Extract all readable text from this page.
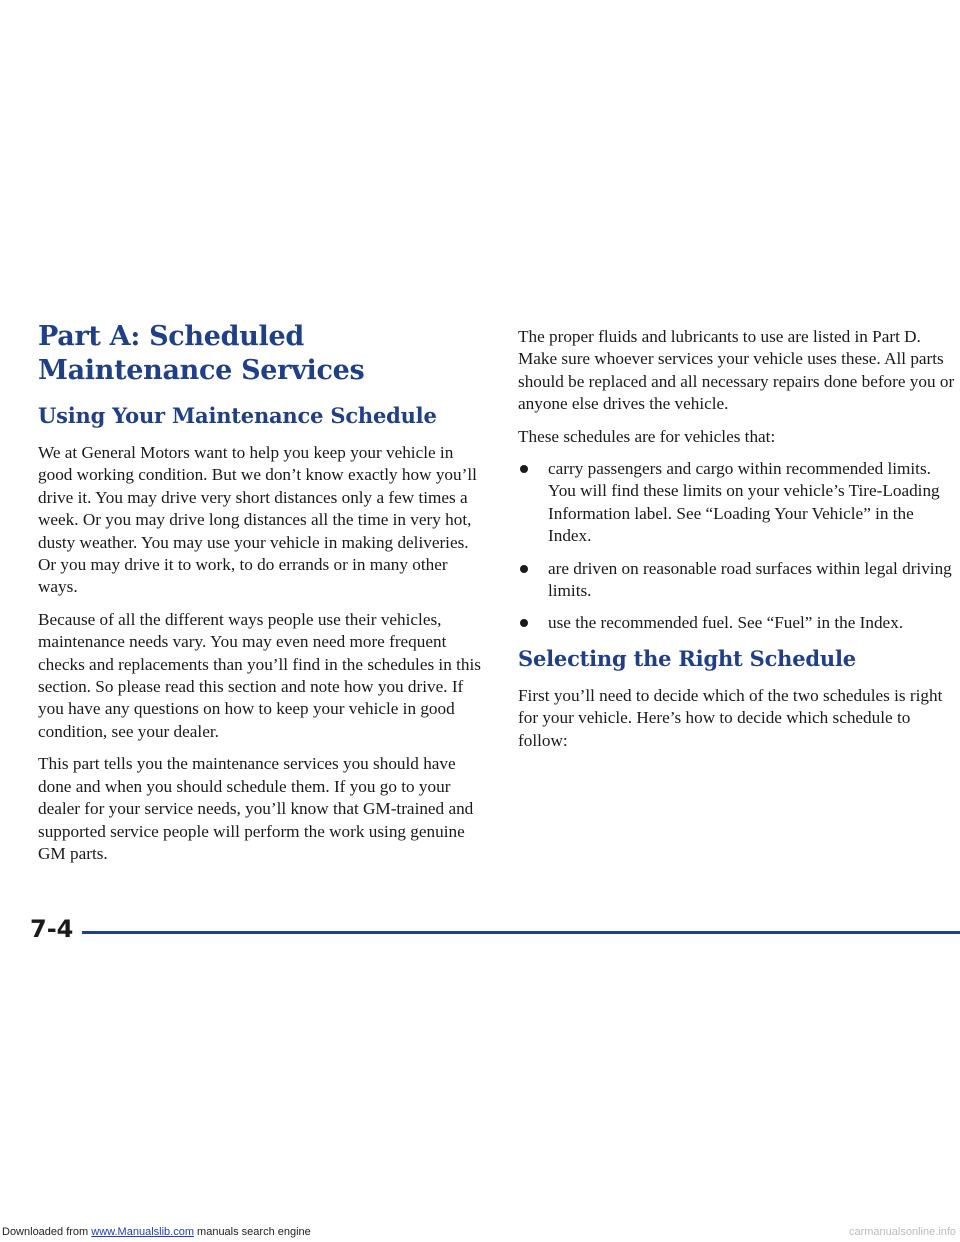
Part A: Scheduled Maintenance Services
Using Your Maintenance Schedule

We at General Motors want to help you keep your vehicle in good working condition. But we don’t know exactly how you’ll drive it. You may drive very short distances only a few times a week. Or you may drive long distances all the time in very hot, dusty weather. You may use your vehicle in making deliveries. Or you may drive it to work, to do errands or in many other ways.

Because of all the different ways people use their vehicles, maintenance needs vary. You may even need more frequent checks and replacements than you’ll find in the schedules in this section. So please read this section and note how you drive. If you have any questions on how to keep your vehicle in good condition, see your dealer.

This part tells you the maintenance services you should have done and when you should schedule them. If you go to your dealer for your service needs, you’ll know that GM-trained and supported service people will perform the work using genuine GM parts.

The proper fluids and lubricants to use are listed in Part D. Make sure whoever services your vehicle uses these. All parts should be replaced and all necessary repairs done before you or anyone else drives the vehicle.

These schedules are for vehicles that:

carry passengers and cargo within recommended limits. You will find these limits on your vehicle’s Tire-Loading Information label. See “Loading Your Vehicle” in the Index.
are driven on reasonable road surfaces within legal driving limits.
use the recommended fuel. See “Fuel” in the Index.
Selecting the Right Schedule

First you’ll need to decide which of the two schedules is right for your vehicle. Here’s how to decide which schedule to follow:

7-4
Downloaded from www.Manualslib.com manuals search engine	carmanualsonline.info
